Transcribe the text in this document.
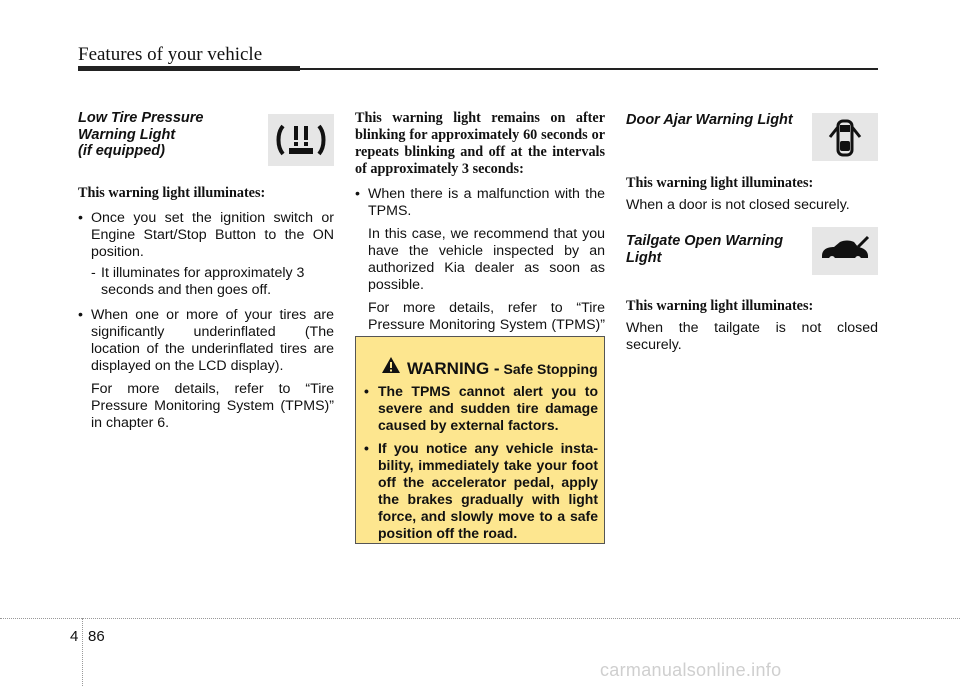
Features of your vehicle
Low Tire Pressure
Warning Light
(if equipped)
This warning light illuminates:
• Once you set the ignition switch or Engine Start/Stop Button to the ON position.
- It illuminates for approximately 3 seconds and then goes off.
• When one or more of your tires are significantly underinflated (The location of the underinflated tires are displayed on the LCD display).
For more details, refer to “Tire Pressure Monitoring System (TPMS)” in chapter 6.
This warning light remains on after blinking for approximately 60 seconds or repeats blinking and off at the intervals of approximately 3 seconds:
• When there is a malfunction with the TPMS.
In this case, we recommend that you have the vehicle inspected by an authorized Kia dealer as soon as possible.
For more details, refer to “Tire Pressure Monitoring System (TPMS)”
WARNING - Safe Stopping
• The TPMS cannot alert you to severe and sudden tire damage caused by external factors.
• If you notice any vehicle insta-bility, immediately take your foot off the accelerator pedal, apply the brakes gradually with light force, and slowly move to a safe position off the road.
Door Ajar Warning Light
This warning light illuminates:
When a door is not closed securely.
Tailgate Open Warning
Light
This warning light illuminates:
When the tailgate is not closed securely.
4 86
carmanualsonline.info
